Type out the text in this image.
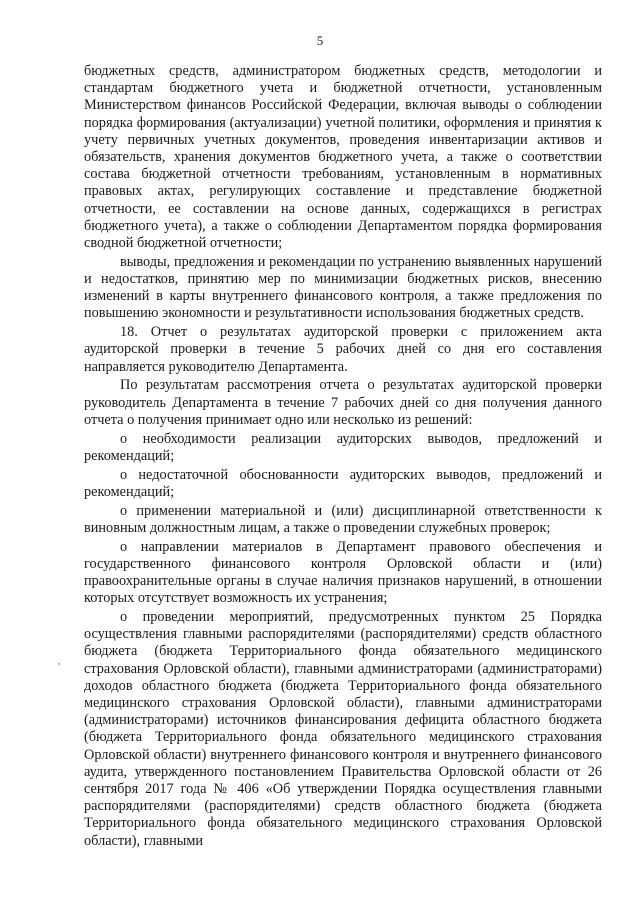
5

бюджетных средств, администратором бюджетных средств, методологии и стандартам бюджетного учета и бюджетной отчетности, установленным Министерством финансов Российской Федерации, включая выводы о соблюдении порядка формирования (актуализации) учетной политики, оформления и принятия к учету первичных учетных документов, проведения инвентаризации активов и обязательств, хранения документов бюджетного учета, а также о соответствии состава бюджетной отчетности требованиям, установленным в нормативных правовых актах, регулирующих составление и представление бюджетной отчетности, ее составлении на основе данных, содержащихся в регистрах бюджетного учета), а также о соблюдении Департаментом порядка формирования сводной бюджетной отчетности;

выводы, предложения и рекомендации по устранению выявленных нарушений и недостатков, принятию мер по минимизации бюджетных рисков, внесению изменений в карты внутреннего финансового контроля, а также предложения по повышению экономности и результативности использования бюджетных средств.

18. Отчет о результатах аудиторской проверки с приложением акта аудиторской проверки в течение 5 рабочих дней со дня его составления направляется руководителю Департамента.

По результатам рассмотрения отчета о результатах аудиторской проверки руководитель Департамента в течение 7 рабочих дней со дня получения данного отчета о получения принимает одно или несколько из решений:

о необходимости реализации аудиторских выводов, предложений и рекомендаций;

о недостаточной обоснованности аудиторских выводов, предложений и рекомендаций;

о применении материальной и (или) дисциплинарной ответственности к виновным должностным лицам, а также о проведении служебных проверок;

о направлении материалов в Департамент правового обеспечения и государственного финансового контроля Орловской области и (или) правоохранительные органы в случае наличия признаков нарушений, в отношении которых отсутствует возможность их устранения;

о проведении мероприятий, предусмотренных пунктом 25 Порядка осуществления главными распорядителями (распорядителями) средств областного бюджета (бюджета Территориального фонда обязательного медицинского страхования Орловской области), главными администраторами (администраторами) доходов областного бюджета (бюджета Территориального фонда обязательного медицинского страхования Орловской области), главными администраторами (администраторами) источников финансирования дефицита областного бюджета (бюджета Территориального фонда обязательного медицинского страхования Орловской области) внутреннего финансового контроля и внутреннего финансового аудита, утвержденного постановлением Правительства Орловской области от 26 сентября 2017 года № 406 «Об утверждении Порядка осуществления главными распорядителями (распорядителями) средств областного бюджета (бюджета Территориального фонда обязательного медицинского страхования Орловской области), главными

,
